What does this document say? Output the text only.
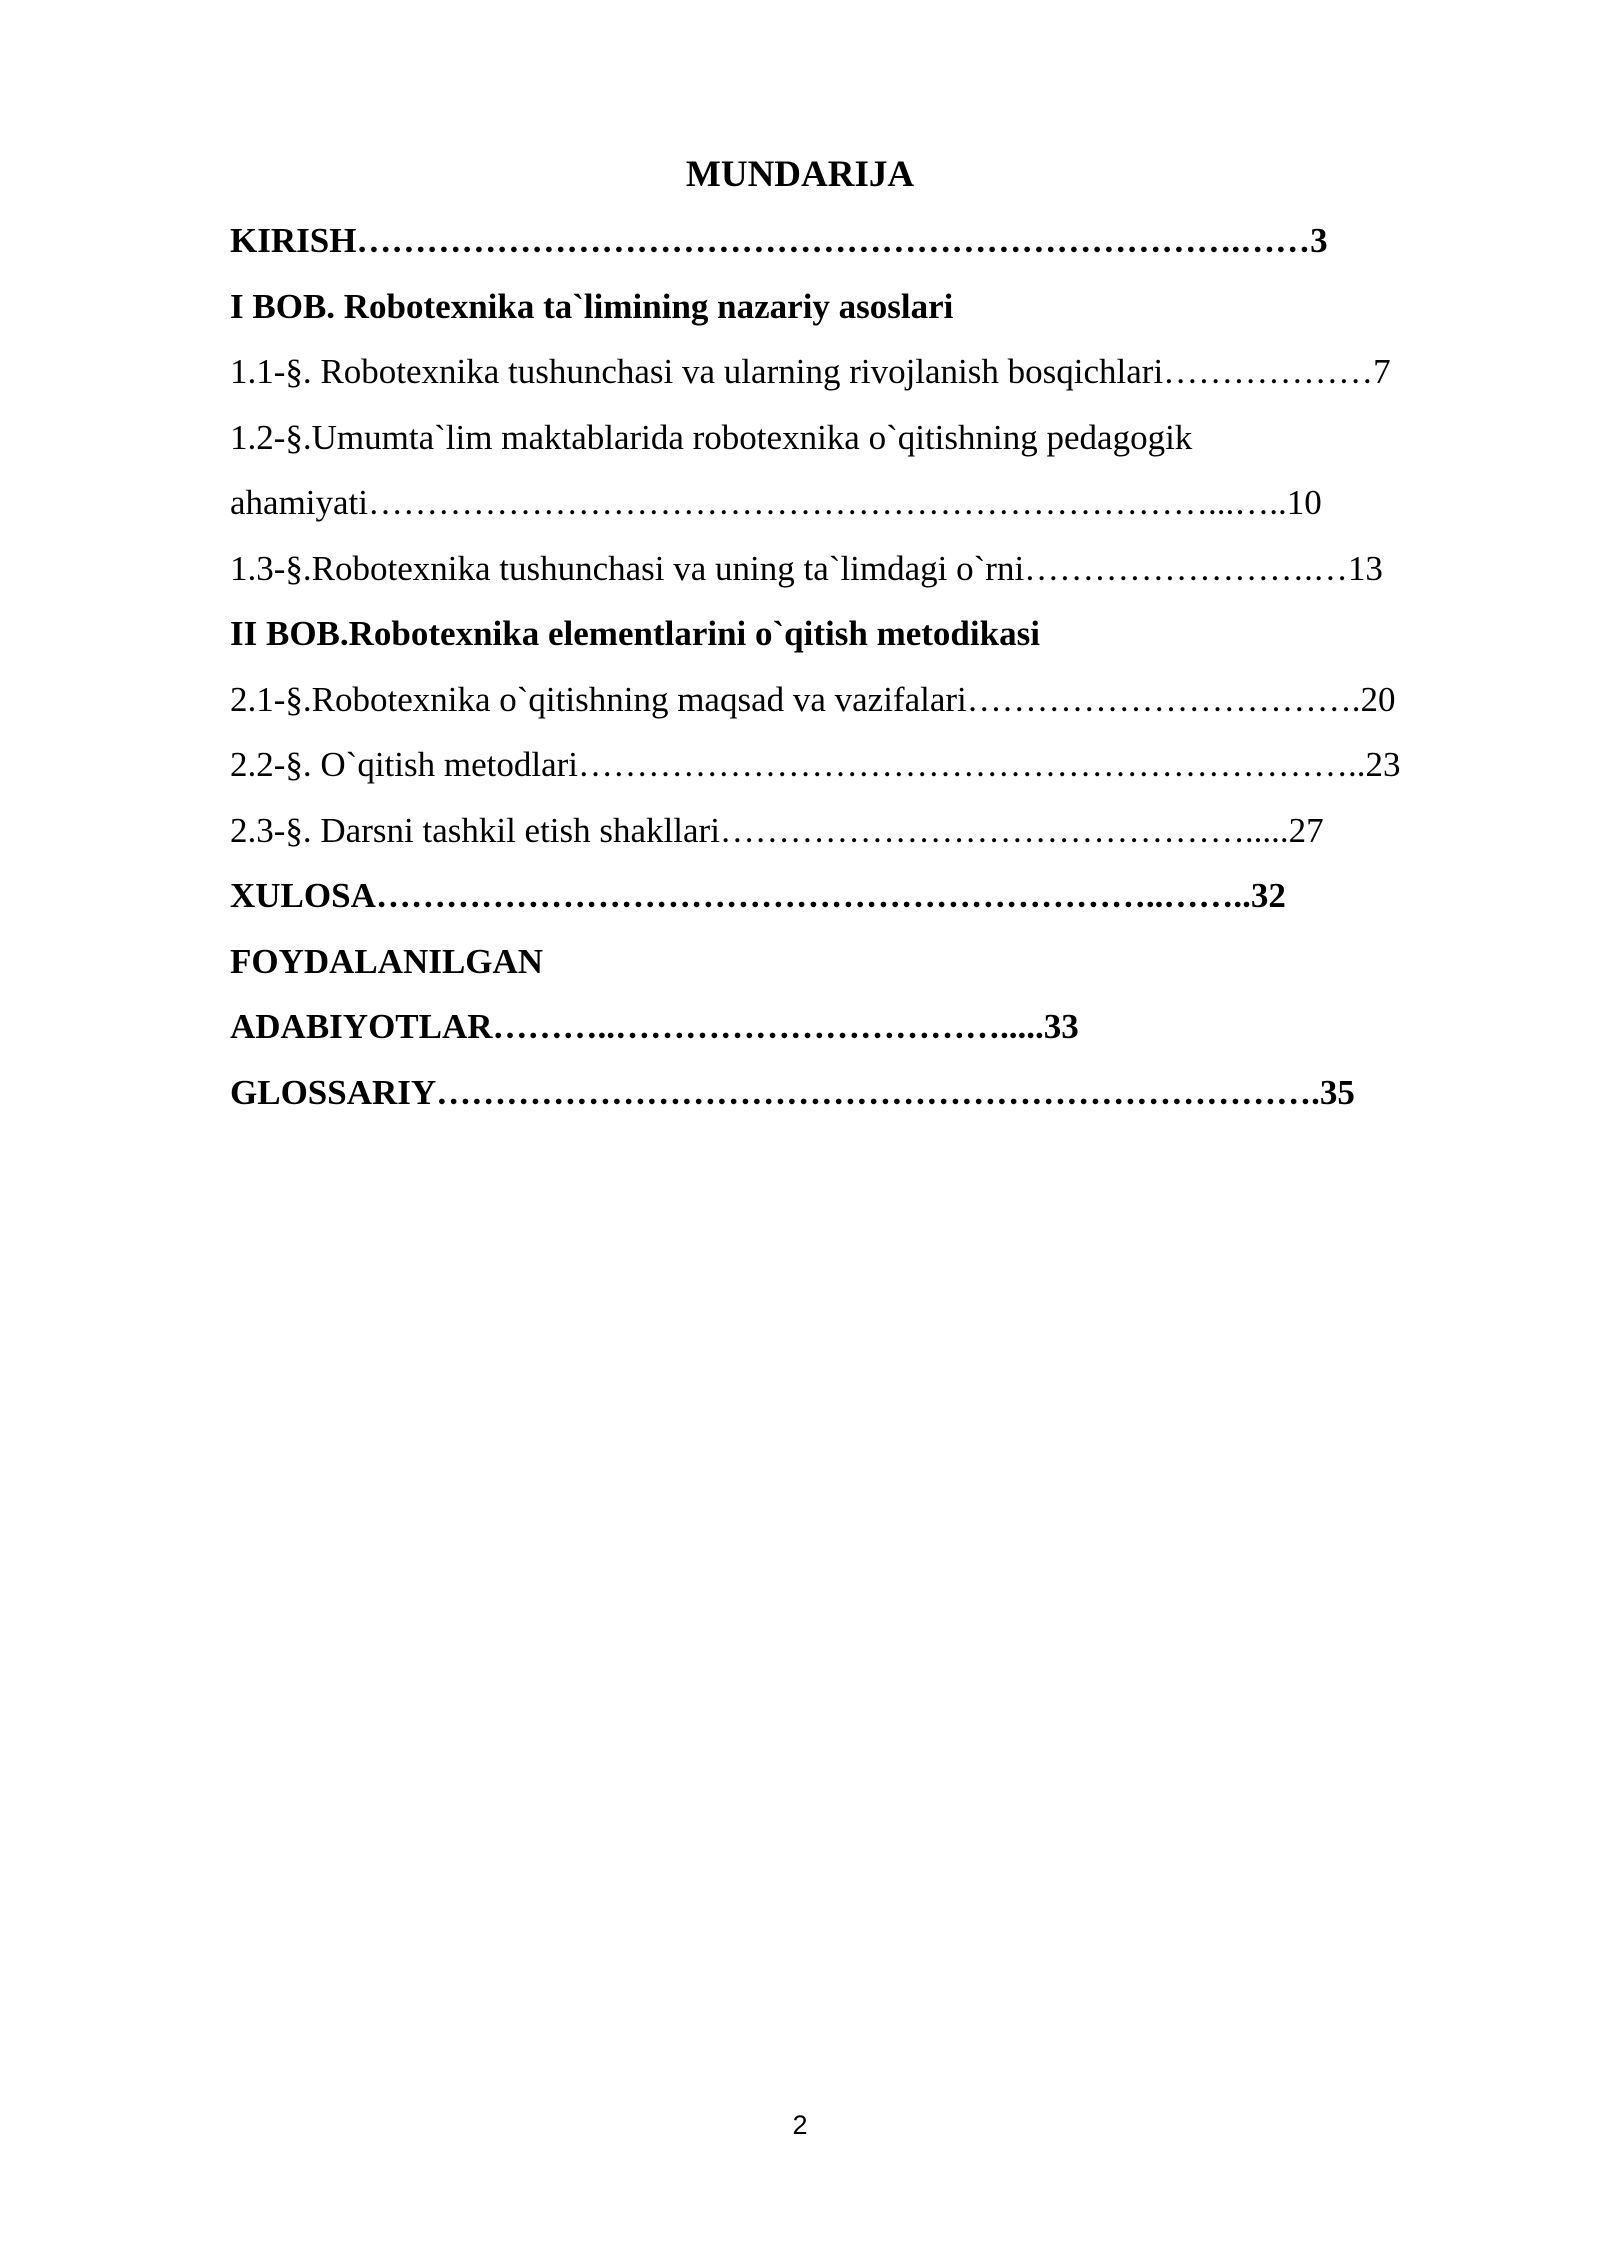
MUNDARIJA
KIRISH………………………………………………………………….……3
I BOB. Robotexnika ta`limining nazariy asoslari
1.1-§. Robotexnika tushunchasi va ularning rivojlanish bosqichlari………………7
1.2-§.Umumta`lim maktablarida robotexnika o`qitishning pedagogik
ahamiyati………………………………………………………………...…..10
1.3-§.Robotexnika tushunchasi va uning ta`limdagi o`rni…………………….…13
II BOB.Robotexnika elementlarini o`qitish metodikasi
2.1-§.Robotexnika o`qitishning maqsad va vazifalari…………………………….20
2.2-§. O`qitish metodlari…………………………………………………………..23
2.3-§. Darsni tashkil etish shakllari……………………………………….....27
XULOSA…………………………………………………………..……..32
FOYDALANILGAN
ADABIYOTLAR………..…………………………….....33
GLOSSARIY………………………………………………………………….35
2
